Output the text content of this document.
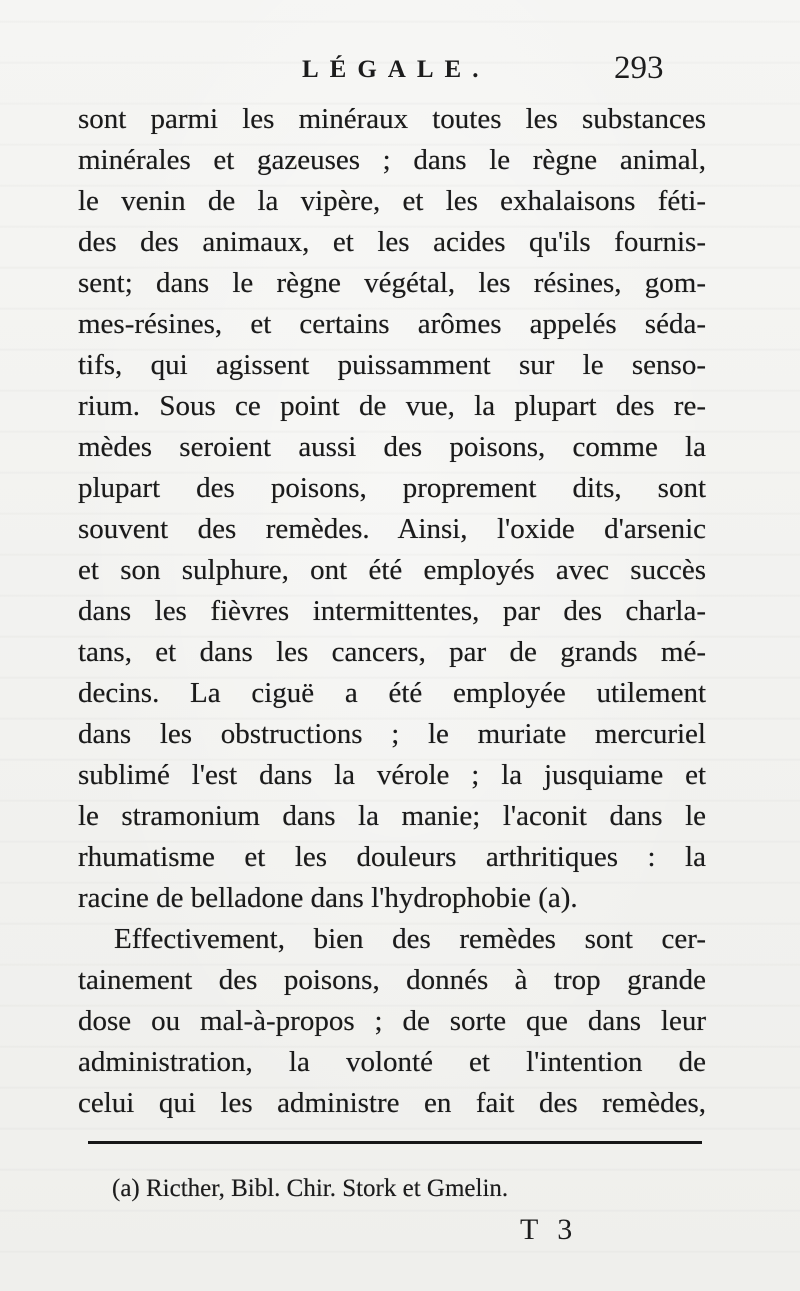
LÉGALE.	293
sont parmi les minéraux toutes les substances
minérales et gazeuses ; dans le règne animal,
le venin de la vipère, et les exhalaisons féti-
des des animaux, et les acides qu'ils fournis-
sent; dans le règne végétal, les résines, gom-
mes-résines, et certains arômes appelés séda-
tifs, qui agissent puissamment sur le senso-
rium. Sous ce point de vue, la plupart des re-
mèdes seroient aussi des poisons, comme la
plupart des poisons, proprement dits, sont
souvent des remèdes. Ainsi, l'oxide d'arsenic
et son sulphure, ont été employés avec succès
dans les fièvres intermittentes, par des charla-
tans, et dans les cancers, par de grands mé-
decins. La ciguë a été employée utilement
dans les obstructions ; le muriate mercuriel
sublimé l'est dans la vérole ; la jusquiame et
le stramonium dans la manie; l'aconit dans le
rhumatisme et les douleurs arthritiques : la
racine de belladone dans l'hydrophobie (a).
Effectivement, bien des remèdes sont cer-
tainement des poisons, donnés à trop grande
dose ou mal-à-propos ; de sorte que dans leur
administration, la volonté et l'intention de
celui qui les administre en fait des remèdes,
(a) Ricther, Bibl. Chir. Stork et Gmelin.
T 3
